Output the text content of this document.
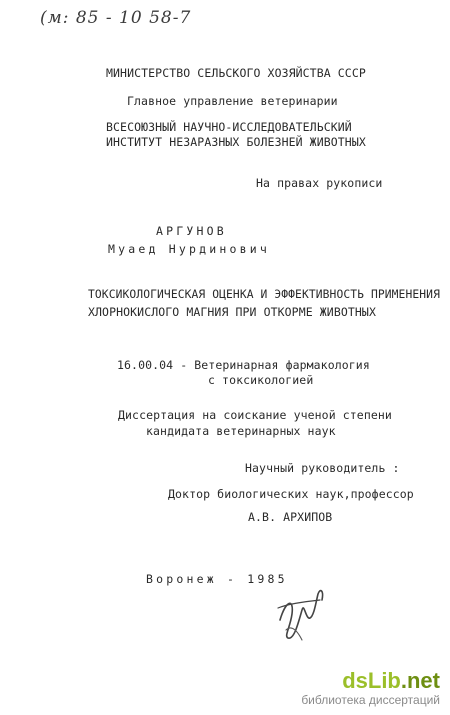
(м: 85 - 10 58-7
МИНИСТЕРСТВО СЕЛЬСКОГО ХОЗЯЙСТВА СССР
Главное управление ветеринарии
ВСЕСОЮЗНЫЙ НАУЧНО-ИССЛЕДОВАТЕЛЬСКИЙ
ИНСТИТУТ НЕЗАРАЗНЫХ БОЛЕЗНЕЙ ЖИВОТНЫХ
На правах рукописи
АРГУНОВ
Муаед Нурдинович
ТОКСИКОЛОГИЧЕСКАЯ ОЦЕНКА И ЭФФЕКТИВНОСТЬ ПРИМЕНЕНИЯ
ХЛОРНОКИСЛОГО МАГНИЯ ПРИ ОТКОРМЕ ЖИВОТНЫХ
16.00.04 - Ветеринарная фармакология
с токсикологией
Диссертация на соискание ученой степени
кандидата ветеринарных наук
Научный руководитель :
Доктор биологических наук,профессор
А.В. АРХИПОВ
Воронеж - 1985
dsLib.net
библиотека диссертаций
